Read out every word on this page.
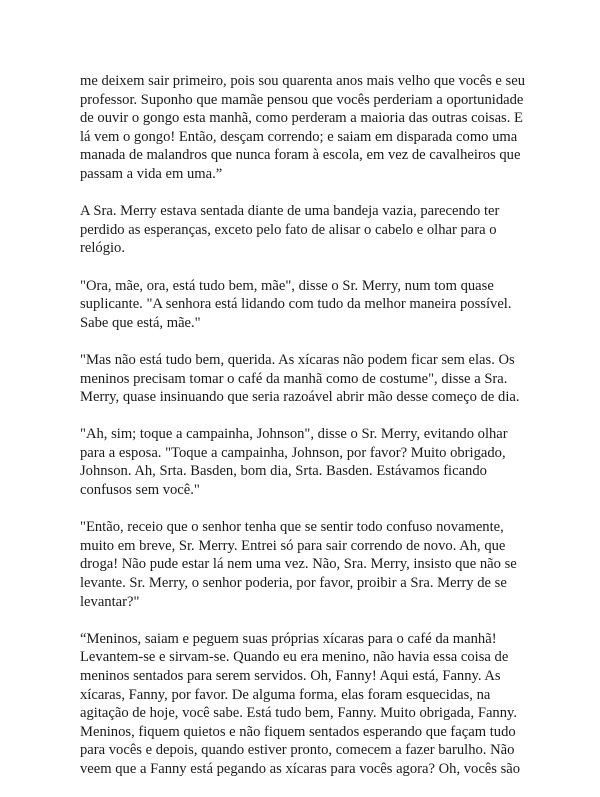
me deixem sair primeiro, pois sou quarenta anos mais velho que vocês e seu
professor. Suponho que mamãe pensou que vocês perderiam a oportunidade
de ouvir o gongo esta manhã, como perderam a maioria das outras coisas. E
lá vem o gongo! Então, desçam correndo; e saiam em disparada como uma
manada de malandros que nunca foram à escola, em vez de cavalheiros que
passam a vida em uma.”

A Sra. Merry estava sentada diante de uma bandeja vazia, parecendo ter
perdido as esperanças, exceto pelo fato de alisar o cabelo e olhar para o
relógio.

"Ora, mãe, ora, está tudo bem, mãe", disse o Sr. Merry, num tom quase
suplicante. "A senhora está lidando com tudo da melhor maneira possível.
Sabe que está, mãe."

"Mas não está tudo bem, querida. As xícaras não podem ficar sem elas. Os
meninos precisam tomar o café da manhã como de costume", disse a Sra.
Merry, quase insinuando que seria razoável abrir mão desse começo de dia.

"Ah, sim; toque a campainha, Johnson", disse o Sr. Merry, evitando olhar
para a esposa. "Toque a campainha, Johnson, por favor? Muito obrigado,
Johnson. Ah, Srta. Basden, bom dia, Srta. Basden. Estávamos ficando
confusos sem você."

"Então, receio que o senhor tenha que se sentir todo confuso novamente,
muito em breve, Sr. Merry. Entrei só para sair correndo de novo. Ah, que
droga! Não pude estar lá nem uma vez. Não, Sra. Merry, insisto que não se
levante. Sr. Merry, o senhor poderia, por favor, proibir a Sra. Merry de se
levantar?"

“Meninos, saiam e peguem suas próprias xícaras para o café da manhã!
Levantem-se e sirvam-se. Quando eu era menino, não havia essa coisa de
meninos sentados para serem servidos. Oh, Fanny! Aqui está, Fanny. As
xícaras, Fanny, por favor. De alguma forma, elas foram esquecidas, na
agitação de hoje, você sabe. Está tudo bem, Fanny. Muito obrigada, Fanny.
Meninos, fiquem quietos e não fiquem sentados esperando que façam tudo
para vocês e depois, quando estiver pronto, comecem a fazer barulho. Não
veem que a Fanny está pegando as xícaras para vocês agora? Oh, vocês são
